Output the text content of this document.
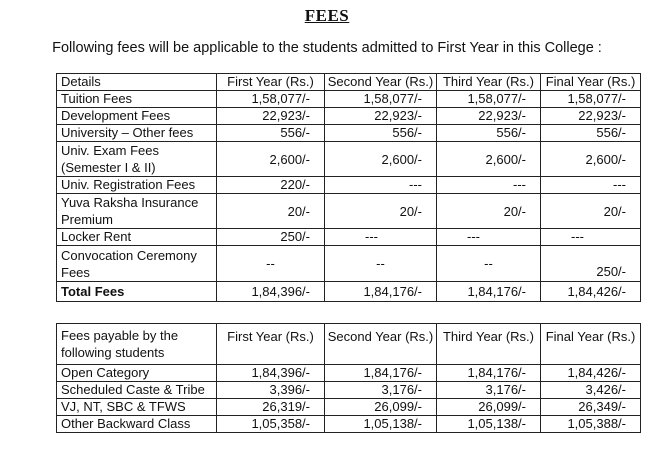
FEES
Following fees will be applicable to the students admitted to First Year in this College :
Details	First Year (Rs.)	Second Year (Rs.)	Third Year (Rs.)	Final Year (Rs.)
Tuition Fees	1,58,077/-	1,58,077/-	1,58,077/-	1,58,077/-
Development Fees	22,923/-	22,923/-	22,923/-	22,923/-
University – Other fees	556/-	556/-	556/-	556/-
Univ. Exam Fees
(Semester I & II)	2,600/-	2,600/-	2,600/-	2,600/-
Univ. Registration Fees	220/-	---	---	---
Yuva Raksha Insurance
Premium	20/-	20/-	20/-	20/-
Locker Rent	250/-	---	---	---
Convocation Ceremony
Fees	--	--	--	250/-
Total Fees	1,84,396/-	1,84,176/-	1,84,176/-	1,84,426/-
Fees payable by the
following students	First Year (Rs.)	Second Year (Rs.)	Third Year (Rs.)	Final Year (Rs.)
Open Category	1,84,396/-	1,84,176/-	1,84,176/-	1,84,426/-
Scheduled Caste & Tribe	3,396/-	3,176/-	3,176/-	3,426/-
VJ, NT, SBC & TFWS	26,319/-	26,099/-	26,099/-	26,349/-
Other Backward Class	1,05,358/-	1,05,138/-	1,05,138/-	1,05,388/-
